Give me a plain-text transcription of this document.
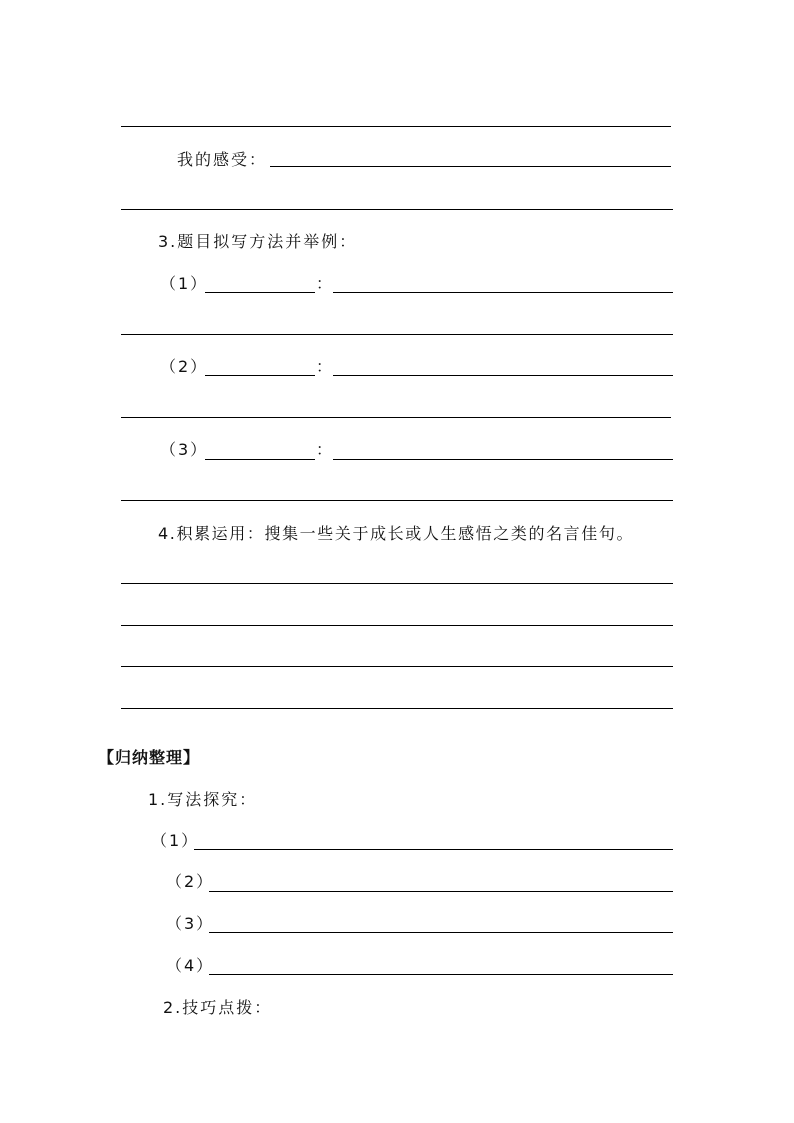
我的感受：
3.题目拟写方法并举例：
（1）	：
（2）	：
（3）	：
4.积累运用：搜集一些关于成长或人生感悟之类的名言佳句。
【归纳整理】
1.写法探究：
（1）
（2）
（3）
（4）
2.技巧点拨：
